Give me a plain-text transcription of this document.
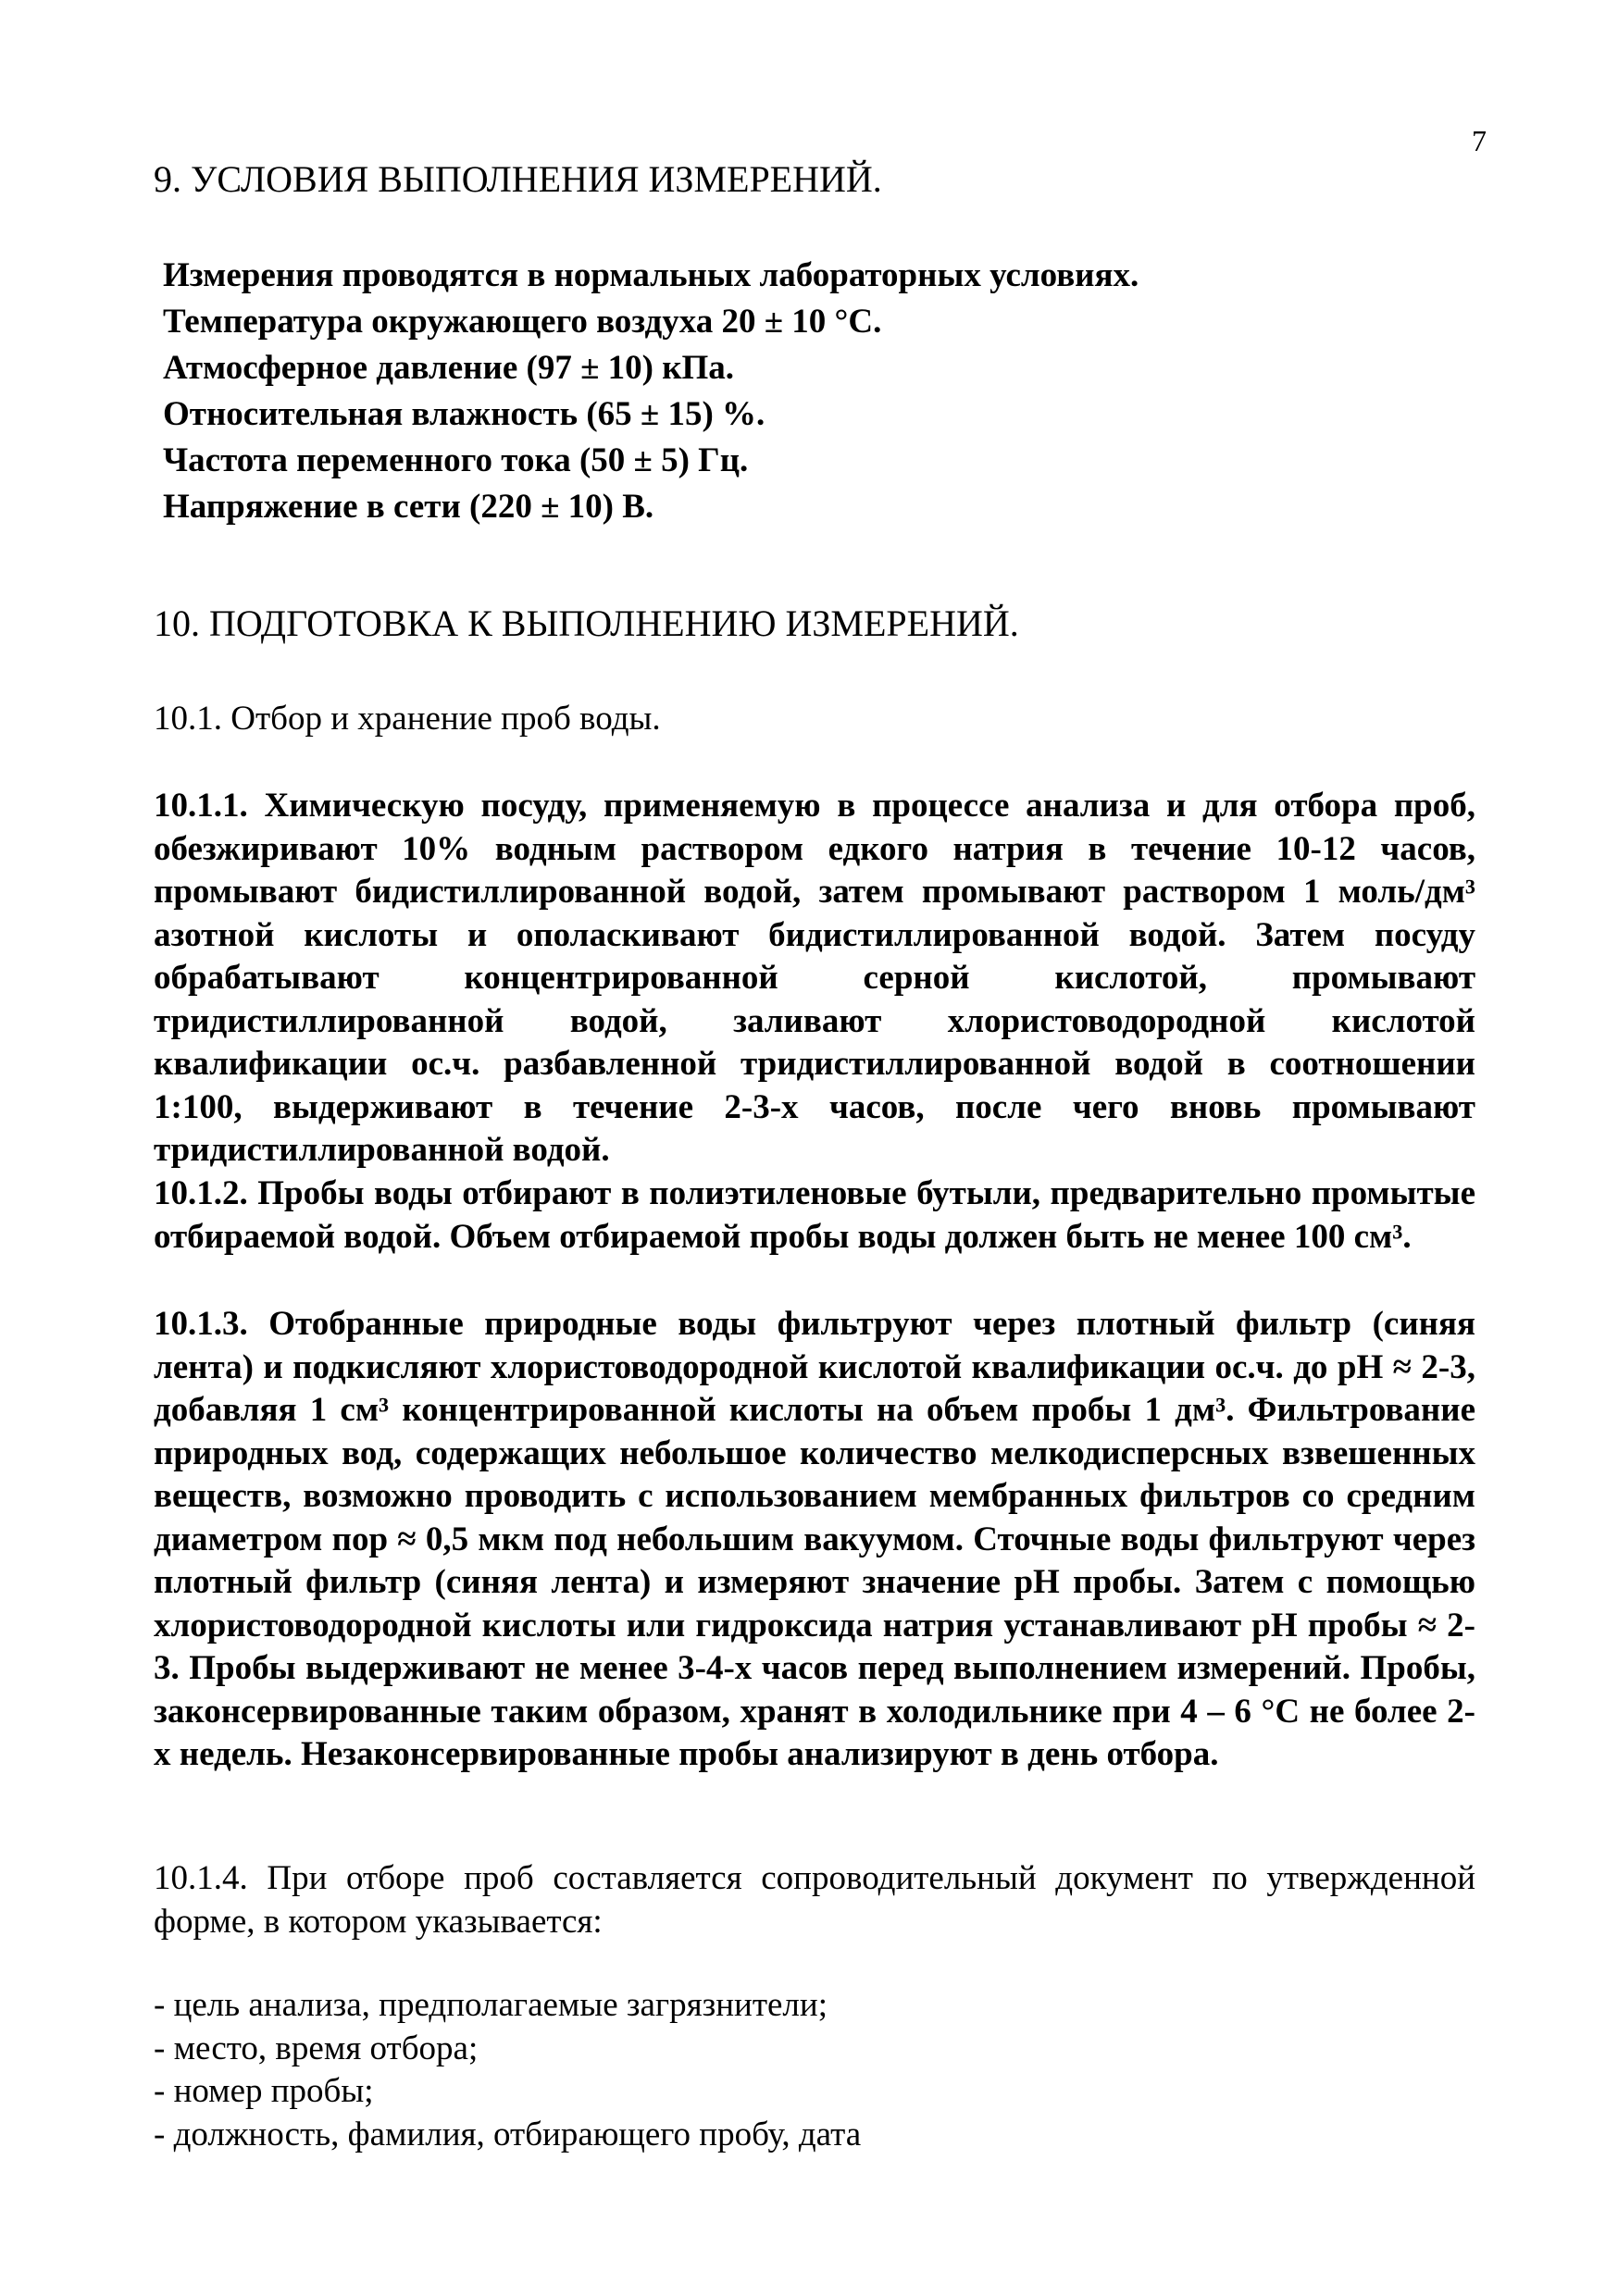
7
9. УСЛОВИЯ ВЫПОЛНЕНИЯ ИЗМЕРЕНИЙ.
Измерения проводятся в нормальных лабораторных условиях.
Температура окружающего воздуха 20 ± 10 °С.
Атмосферное давление (97 ± 10) кПа.
Относительная влажность (65 ± 15) %.
Частота переменного тока (50 ± 5) Гц.
Напряжение в сети (220 ± 10) В.
10. ПОДГОТОВКА К ВЫПОЛНЕНИЮ ИЗМЕРЕНИЙ.
10.1. Отбор и хранение проб воды.

10.1.1. Химическую посуду, применяемую в процессе анализа и для отбора проб, обезжиривают 10% водным раствором едкого натрия в течение 10-12 часов, промывают бидистиллированной водой, затем промывают раствором 1 моль/дм³ азотной кислоты и ополаскивают бидистиллированной водой. Затем посуду обрабатывают концентрированной серной кислотой, промывают тридистиллированной водой, заливают хлористоводородной кислотой квалификации ос.ч. разбавленной тридистиллированной водой в соотношении 1:100, выдерживают в течение 2-3-х часов, после чего вновь промывают тридистиллированной водой.

10.1.2. Пробы воды отбирают в полиэтиленовые бутыли, предварительно промытые отбираемой водой. Объем отбираемой пробы воды должен быть не менее 100 см³.

10.1.3. Отобранные природные воды фильтруют через плотный фильтр (синяя лента) и подкисляют хлористоводородной кислотой квалификации ос.ч. до pH ≈ 2-3, добавляя 1 см³ концентрированной кислоты на объем пробы 1 дм³. Фильтрование природных вод, содержащих небольшое количество мелкодисперсных взвешенных веществ, возможно проводить с использованием мембранных фильтров со средним диаметром пор ≈ 0,5 мкм под небольшим вакуумом. Сточные воды фильтруют через плотный фильтр (синяя лента) и измеряют значение pH пробы. Затем с помощью хлористоводородной кислоты или гидроксида натрия устанавливают pH пробы ≈ 2-3. Пробы выдерживают не менее 3-4-х часов перед выполнением измерений. Пробы, законсервированные таким образом, хранят в холодильнике при 4 – 6 °С не более 2-х недель. Незаконсервированные пробы анализируют в день отбора.

10.1.4. При отборе проб составляется сопроводительный документ по утвержденной форме, в котором указывается:

- цель анализа, предполагаемые загрязнители;
- место, время отбора;
- номер пробы;
- должность, фамилия, отбирающего пробу, дата
